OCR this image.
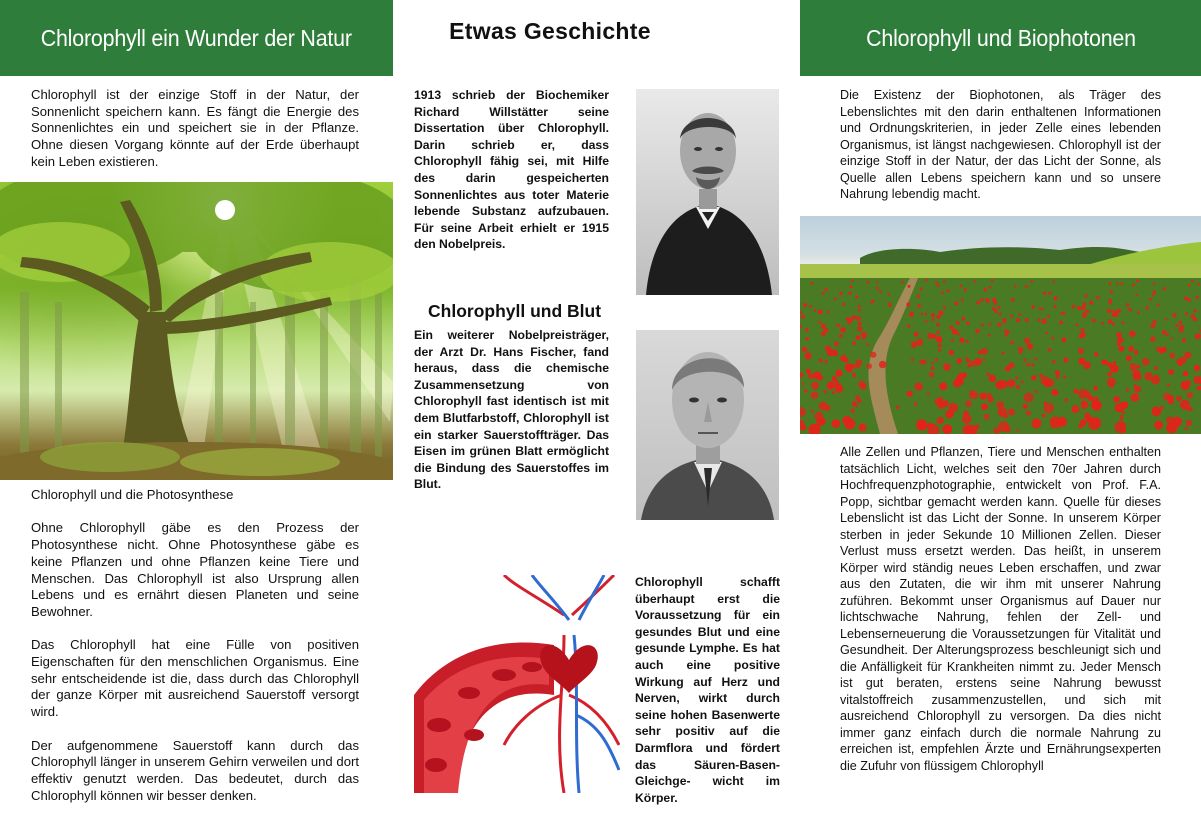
Chlorophyll ein Wunder der Natur

Chlorophyll ist der einzige Stoff in der Natur, der Sonnenlicht speichern kann. Es fängt die Energie des Sonnenlichtes ein und speichert sie in der Pflanze. Ohne diesen Vorgang könnte auf der Erde überhaupt kein Leben existieren.

Chlorophyll und die Photosynthese

Ohne Chlorophyll gäbe es den Prozess der Photosynthese nicht. Ohne Photosynthese gäbe es keine Pflanzen und ohne Pflanzen keine Tiere und Menschen. Das Chlorophyll ist also Ursprung allen Lebens und es ernährt diesen Planeten und seine Bewohner.

Das Chlorophyll hat eine Fülle von positiven Eigenschaften für den menschlichen Organismus. Eine sehr entscheidende ist die, dass durch das Chlorophyll der ganze Körper mit ausreichend Sauerstoff versorgt wird.

Der aufgenommene Sauerstoff kann durch das Chlorophyll länger in unserem Gehirn verweilen und dort effektiv genutzt werden. Das bedeutet, durch das Chlorophyll können wir besser denken.

Etwas Geschichte
1913 schrieb der Biochemiker Richard Willstätter seine Dissertation über Chlorophyll. Darin schrieb er, dass Chlorophyll fähig sei, mit Hilfe des darin gespeicherten Sonnenlichtes aus toter Materie lebende Substanz aufzubauen. Für seine Arbeit erhielt er 1915 den Nobelpreis.
Chlorophyll und Blut
Ein weiterer Nobelpreisträger, der Arzt Dr. Hans Fischer, fand heraus, dass die chemische Zusammensetzung von Chlorophyll fast identisch ist mit dem Blutfarbstoff, Chlorophyll ist ein starker Sauerstoffträger. Das Eisen im grünen Blatt ermöglicht die Bindung des Sauerstoffes im Blut.
Chlorophyll schafft überhaupt erst die Voraussetzung für ein gesundes Blut und eine gesunde Lymphe. Es hat auch eine positive Wirkung auf Herz und Nerven, wirkt durch seine hohen Basenwerte sehr positiv auf die Darmflora und fördert das Säuren-Basen-Gleichge- wicht im Körper.
Chlorophyll und Biophotonen
Die Existenz der Biophotonen, als Träger des Lebenslichtes mit den darin enthaltenen Informationen und Ordnungskriterien, in jeder Zelle eines lebenden Organismus, ist längst nachgewiesen. Chlorophyll ist der einzige Stoff in der Natur, der das Licht der Sonne, als Quelle allen Lebens speichern kann und so unsere Nahrung lebendig macht.
Alle Zellen und Pflanzen, Tiere und Menschen enthalten tatsächlich Licht, welches seit den 70er Jahren durch Hochfrequenzphotographie, entwickelt von Prof. F.A. Popp, sichtbar gemacht werden kann. Quelle für dieses Lebenslicht ist das Licht der Sonne. In unserem Körper sterben in jeder Sekunde 10 Millionen Zellen. Dieser Verlust muss ersetzt werden. Das heißt, in unserem Körper wird ständig neues Leben erschaffen, und zwar aus den Zutaten, die wir ihm mit unserer Nahrung zuführen. Bekommt unser Organismus auf Dauer nur lichtschwache Nahrung, fehlen der Zell- und Lebenserneuerung die Voraussetzungen für Vitalität und Gesundheit. Der Alterungsprozess beschleunigt sich und die Anfälligkeit für Krankheiten nimmt zu. Jeder Mensch ist gut beraten, erstens seine Nahrung bewusst vitalstoffreich zusammenzustellen, und sich mit ausreichend Chlorophyll zu versorgen. Da dies nicht immer ganz einfach durch die normale Nahrung zu erreichen ist, empfehlen Ärzte und Ernährungsexperten die Zufuhr von flüssigem Chlorophyll
